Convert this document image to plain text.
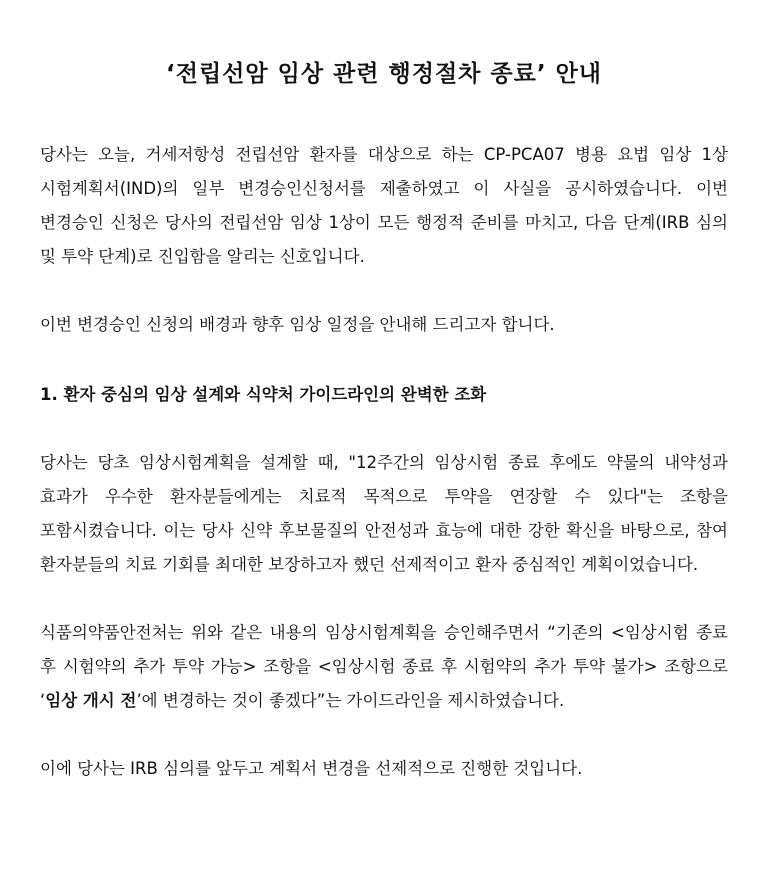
‘전립선암 임상 관련 행정절차 종료’ 안내

당사는 오늘, 거세저항성 전립선암 환자를 대상으로 하는 CP-PCA07 병용 요법 임상 1상 시험계획서(IND)의 일부 변경승인신청서를 제출하였고 이 사실을 공시하였습니다. 이번 변경승인 신청은 당사의 전립선암 임상 1상이 모든 행정적 준비를 마치고, 다음 단계(IRB 심의 및 투약 단계)로 진입함을 알리는 신호입니다.

이번 변경승인 신청의 배경과 향후 임상 일정을 안내해 드리고자 합니다.

1. 환자 중심의 임상 설계와 식약처 가이드라인의 완벽한 조화

당사는 당초 임상시험계획을 설계할 때, "12주간의 임상시험 종료 후에도 약물의 내약성과 효과가 우수한 환자분들에게는 치료적 목적으로 투약을 연장할 수 있다"는 조항을 포함시켰습니다. 이는 당사 신약 후보물질의 안전성과 효능에 대한 강한 확신을 바탕으로, 참여 환자분들의 치료 기회를 최대한 보장하고자 했던 선제적이고 환자 중심적인 계획이었습니다.

식품의약품안전처는 위와 같은 내용의 임상시험계획을 승인해주면서 “기존의 <임상시험 종료 후 시험약의 추가 투약 가능> 조항을 <임상시험 종료 후 시험약의 추가 투약 불가> 조항으로 ‘임상 개시 전’에 변경하는 것이 좋겠다”는 가이드라인을 제시하였습니다.

이에 당사는 IRB 심의를 앞두고 계획서 변경을 선제적으로 진행한 것입니다.
